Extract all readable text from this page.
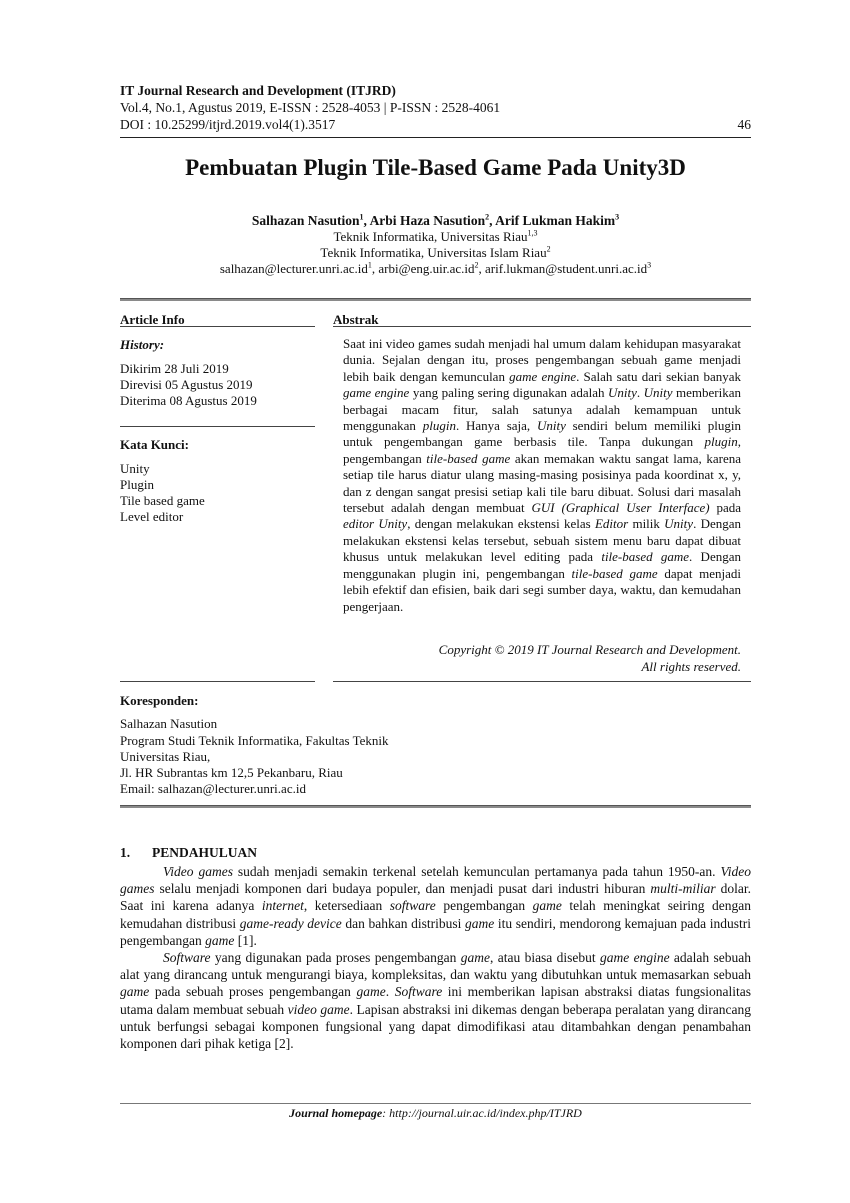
IT Journal Research and Development (ITJRD)
Vol.4, No.1, Agustus 2019, E-ISSN : 2528-4053 | P-ISSN : 2528-4061
DOI : 10.25299/itjrd.2019.vol4(1).3517	46
Pembuatan Plugin Tile-Based Game Pada Unity3D
Salhazan Nasution$^1$, Arbi Haza Nasution$^2$, Arif Lukman Hakim$^3$
Teknik Informatika, Universitas Riau$^{1,3}$
Teknik Informatika, Universitas Islam Riau$^2$
$salhazan@lecturer.unri.ac.id^1$, $arbi@eng.uir.ac.id^2$, $arif.lukman@student.unri.ac.id^3$
Article Info
History:
Dikirim 28 Juli 2019
Direvisi 05 Agustus 2019
Diterima 08 Agustus 2019
Kata Kunci:
Unity
Plugin
Tile based game
Level editor
Abstrak
Saat ini video games sudah menjadi hal umum dalam kehidupan masyarakat dunia. Sejalan dengan itu, proses pengembangan sebuah game menjadi lebih baik dengan kemunculan game engine. Salah satu dari sekian banyak game engine yang paling sering digunakan adalah Unity. Unity memberikan berbagai macam fitur, salah satunya adalah kemampuan untuk menggunakan plugin. Hanya saja, Unity sendiri belum memiliki plugin untuk pengembangan game berbasis tile. Tanpa dukungan plugin, pengembangan tile-based game akan memakan waktu sangat lama, karena setiap tile harus diatur ulang masing-masing posisinya pada koordinat x, y, dan z dengan sangat presisi setiap kali tile baru dibuat. Solusi dari masalah tersebut adalah dengan membuat GUI (Graphical User Interface) pada editor Unity, dengan melakukan ekstensi kelas Editor milik Unity. Dengan melakukan ekstensi kelas tersebut, sebuah sistem menu baru dapat dibuat khusus untuk melakukan level editing pada tile-based game. Dengan menggunakan plugin ini, pengembangan tile-based game dapat menjadi lebih efektif dan efisien, baik dari segi sumber daya, waktu, dan kemudahan pengerjaan.
Copyright © 2019 IT Journal Research and Development.
All rights reserved.
Koresponden:
Salhazan Nasution
Program Studi Teknik Informatika, Fakultas Teknik
Universitas Riau,
Jl. HR Subrantas km 12,5 Pekanbaru, Riau
Email: salhazan@lecturer.unri.ac.id
1. PENDAHULUAN

Video games sudah menjadi semakin terkenal setelah kemunculan pertamanya pada tahun 1950-an. Video games selalu menjadi komponen dari budaya populer, dan menjadi pusat dari industri hiburan multi-miliar dolar. Saat ini karena adanya internet, ketersediaan software pengembangan game telah meningkat seiring dengan kemudahan distribusi game-ready device dan bahkan distribusi game itu sendiri, mendorong kemajuan pada industri pengembangan game [1].

Software yang digunakan pada proses pengembangan game, atau biasa disebut game engine adalah sebuah alat yang dirancang untuk mengurangi biaya, kompleksitas, dan waktu yang dibutuhkan untuk memasarkan sebuah game pada sebuah proses pengembangan game. Software ini memberikan lapisan abstraksi diatas fungsionalitas utama dalam membuat sebuah video game. Lapisan abstraksi ini dikemas dengan beberapa peralatan yang dirancang untuk berfungsi sebagai komponen fungsional yang dapat dimodifikasi atau ditambahkan dengan penambahan komponen dari pihak ketiga [2].

Journal homepage: http://journal.uir.ac.id/index.php/ITJRD
